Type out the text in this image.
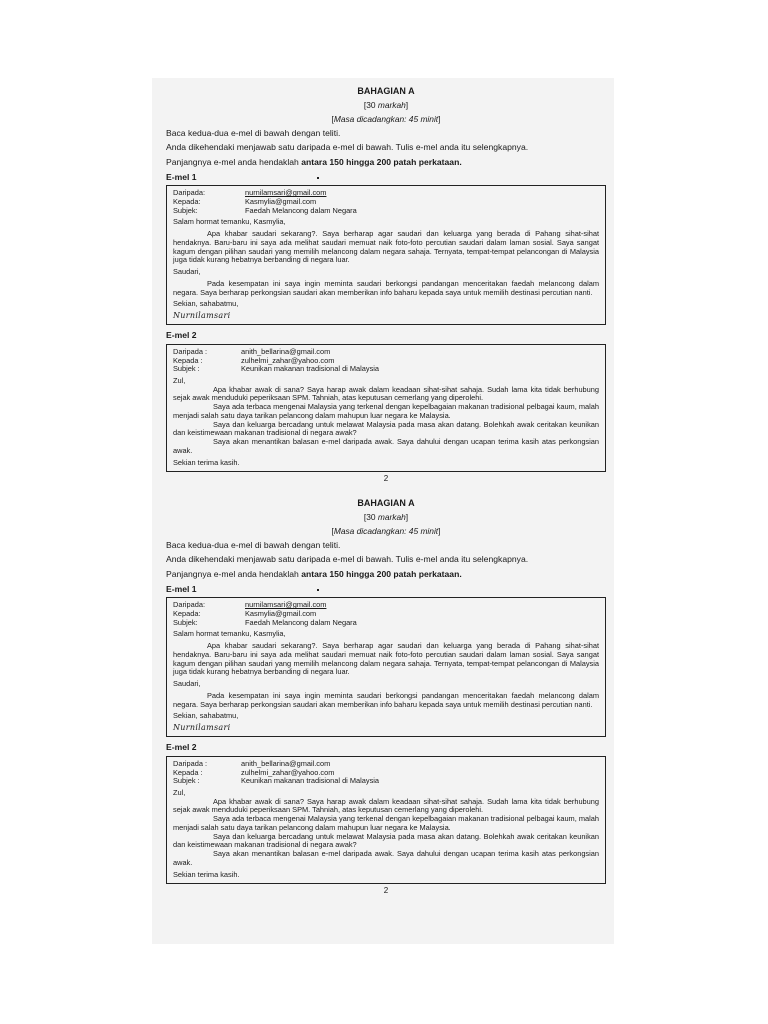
BAHAGIAN A
[30 markah]
[Masa dicadangkan: 45 minit]

Baca kedua-dua e-mel di bawah dengan teliti.

Anda dikehendaki menjawab satu daripada e-mel di bawah. Tulis e-mel anda itu selengkapnya.

Panjangnya e-mel anda hendaklah antara 150 hingga 200 patah perkataan.

E-mel 1
Daripada:	nurnilamsari@gmail.com
Kepada:	Kasmylia@gmail.com
Subjek:	Faedah Melancong dalam Negara

Salam hormat temanku, Kasmylia,

Apa khabar saudari sekarang?. Saya berharap agar saudari dan keluarga yang berada di Pahang sihat-sihat hendaknya. Baru-baru ini saya ada melihat saudari memuat naik foto-foto percutian saudari dalam laman sosial. Saya sangat kagum dengan pilihan saudari yang memilih melancong dalam negara sahaja. Ternyata, tempat-tempat pelancongan di Malaysia juga tidak kurang hebatnya berbanding di negara luar.

Saudari,

Pada kesempatan ini saya ingin meminta saudari berkongsi pandangan menceritakan faedah melancong dalam negara. Saya berharap perkongsian saudari akan memberikan info baharu kepada saya untuk memilih destinasi percutian nanti.

Sekian, sahabatmu,

Nurnilamsari
E-mel 2
Daripada :	anith_bellarina@gmail.com
Kepada :	zulhelmi_zahar@yahoo.com
Subjek :	Keunikan makanan tradisional di Malaysia

Zul,

Apa khabar awak di sana? Saya harap awak dalam keadaan sihat-sihat sahaja. Sudah lama kita tidak berhubung sejak awak menduduki peperiksaan SPM. Tahniah, atas keputusan cemerlang yang diperolehi.

Saya ada terbaca mengenai Malaysia yang terkenal dengan kepelbagaian makanan tradisional pelbagai kaum, malah menjadi salah satu daya tarikan pelancong dalam mahupun luar negara ke Malaysia.

Saya dan keluarga bercadang untuk melawat Malaysia pada masa akan datang. Bolehkah awak ceritakan keunikan dan keistimewaan makanan tradisional di negara awak?

Saya akan menantikan balasan e-mel daripada awak. Saya dahului dengan ucapan terima kasih atas perkongsian awak.

Sekian terima kasih.

2
BAHAGIAN A
[30 markah]
[Masa dicadangkan: 45 minit]

Baca kedua-dua e-mel di bawah dengan teliti.

Anda dikehendaki menjawab satu daripada e-mel di bawah. Tulis e-mel anda itu selengkapnya.

Panjangnya e-mel anda hendaklah antara 150 hingga 200 patah perkataan.

E-mel 1
Daripada:	nurnilamsari@gmail.com
Kepada:	Kasmylia@gmail.com
Subjek:	Faedah Melancong dalam Negara

Salam hormat temanku, Kasmylia,

Apa khabar saudari sekarang?. Saya berharap agar saudari dan keluarga yang berada di Pahang sihat-sihat hendaknya. Baru-baru ini saya ada melihat saudari memuat naik foto-foto percutian saudari dalam laman sosial. Saya sangat kagum dengan pilihan saudari yang memilih melancong dalam negara sahaja. Ternyata, tempat-tempat pelancongan di Malaysia juga tidak kurang hebatnya berbanding di negara luar.

Saudari,

Pada kesempatan ini saya ingin meminta saudari berkongsi pandangan menceritakan faedah melancong dalam negara. Saya berharap perkongsian saudari akan memberikan info baharu kepada saya untuk memilih destinasi percutian nanti.

Sekian, sahabatmu,

Nurnilamsari
E-mel 2
Daripada :	anith_bellarina@gmail.com
Kepada :	zulhelmi_zahar@yahoo.com
Subjek :	Keunikan makanan tradisional di Malaysia

Zul,

Apa khabar awak di sana? Saya harap awak dalam keadaan sihat-sihat sahaja. Sudah lama kita tidak berhubung sejak awak menduduki peperiksaan SPM. Tahniah, atas keputusan cemerlang yang diperolehi.

Saya ada terbaca mengenai Malaysia yang terkenal dengan kepelbagaian makanan tradisional pelbagai kaum, malah menjadi salah satu daya tarikan pelancong dalam mahupun luar negara ke Malaysia.

Saya dan keluarga bercadang untuk melawat Malaysia pada masa akan datang. Bolehkah awak ceritakan keunikan dan keistimewaan makanan tradisional di negara awak?

Saya akan menantikan balasan e-mel daripada awak. Saya dahului dengan ucapan terima kasih atas perkongsian awak.

Sekian terima kasih.

2
